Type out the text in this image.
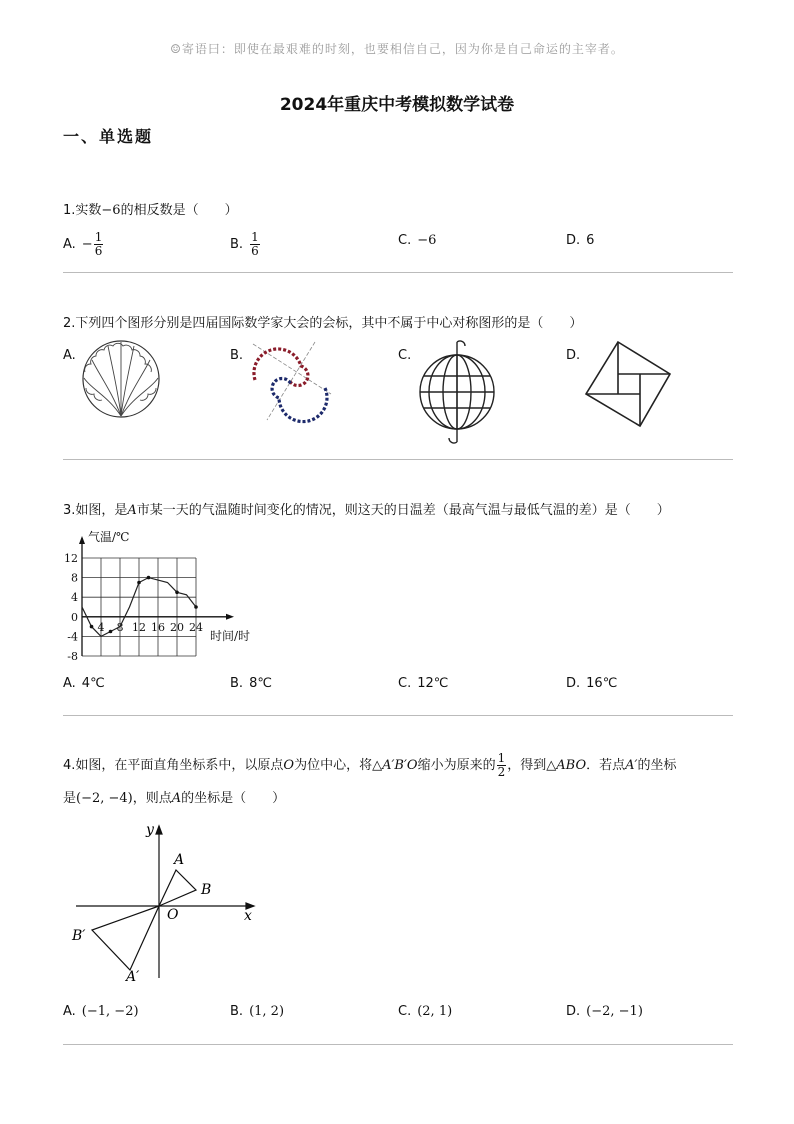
☺寄语曰：即使在最艰难的时刻，也要相信自己，因为你是自己命运的主宰者。
2024年重庆中考模拟数学试卷
一、单选题
1.实数−6的相反数是（　　）
A. − $\frac{1}{6}$	B. $\frac{1}{6}$	C. −6	D. 6
2.下列四个图形分别是四届国际数学家大会的会标，其中不属于中心对称图形的是（　　）
A.	B.	C.	D.
3.如图，是A市某一天的气温随时间变化的情况，则这天的日温差（最高气温与最低气温的差）是（　　）
12
8
4
0
-4
-8
4 8 12 16 20 24
气温/℃
时间/时
A. 4℃	B. 8℃	C. 12℃	D. 16℃
4.如图，在平面直角坐标系中，以原点O为位中心，将△A′B′O缩小为原来的 $\frac{1}{2}$ ，得到△ABO．若点A′的坐标
是(−2, −4)，则点A的坐标是（　　）
y
x
O
A
B
A′
B′
A. (−1, −2)	B. (1, 2)	C. (2, 1)	D. (−2, −1)
